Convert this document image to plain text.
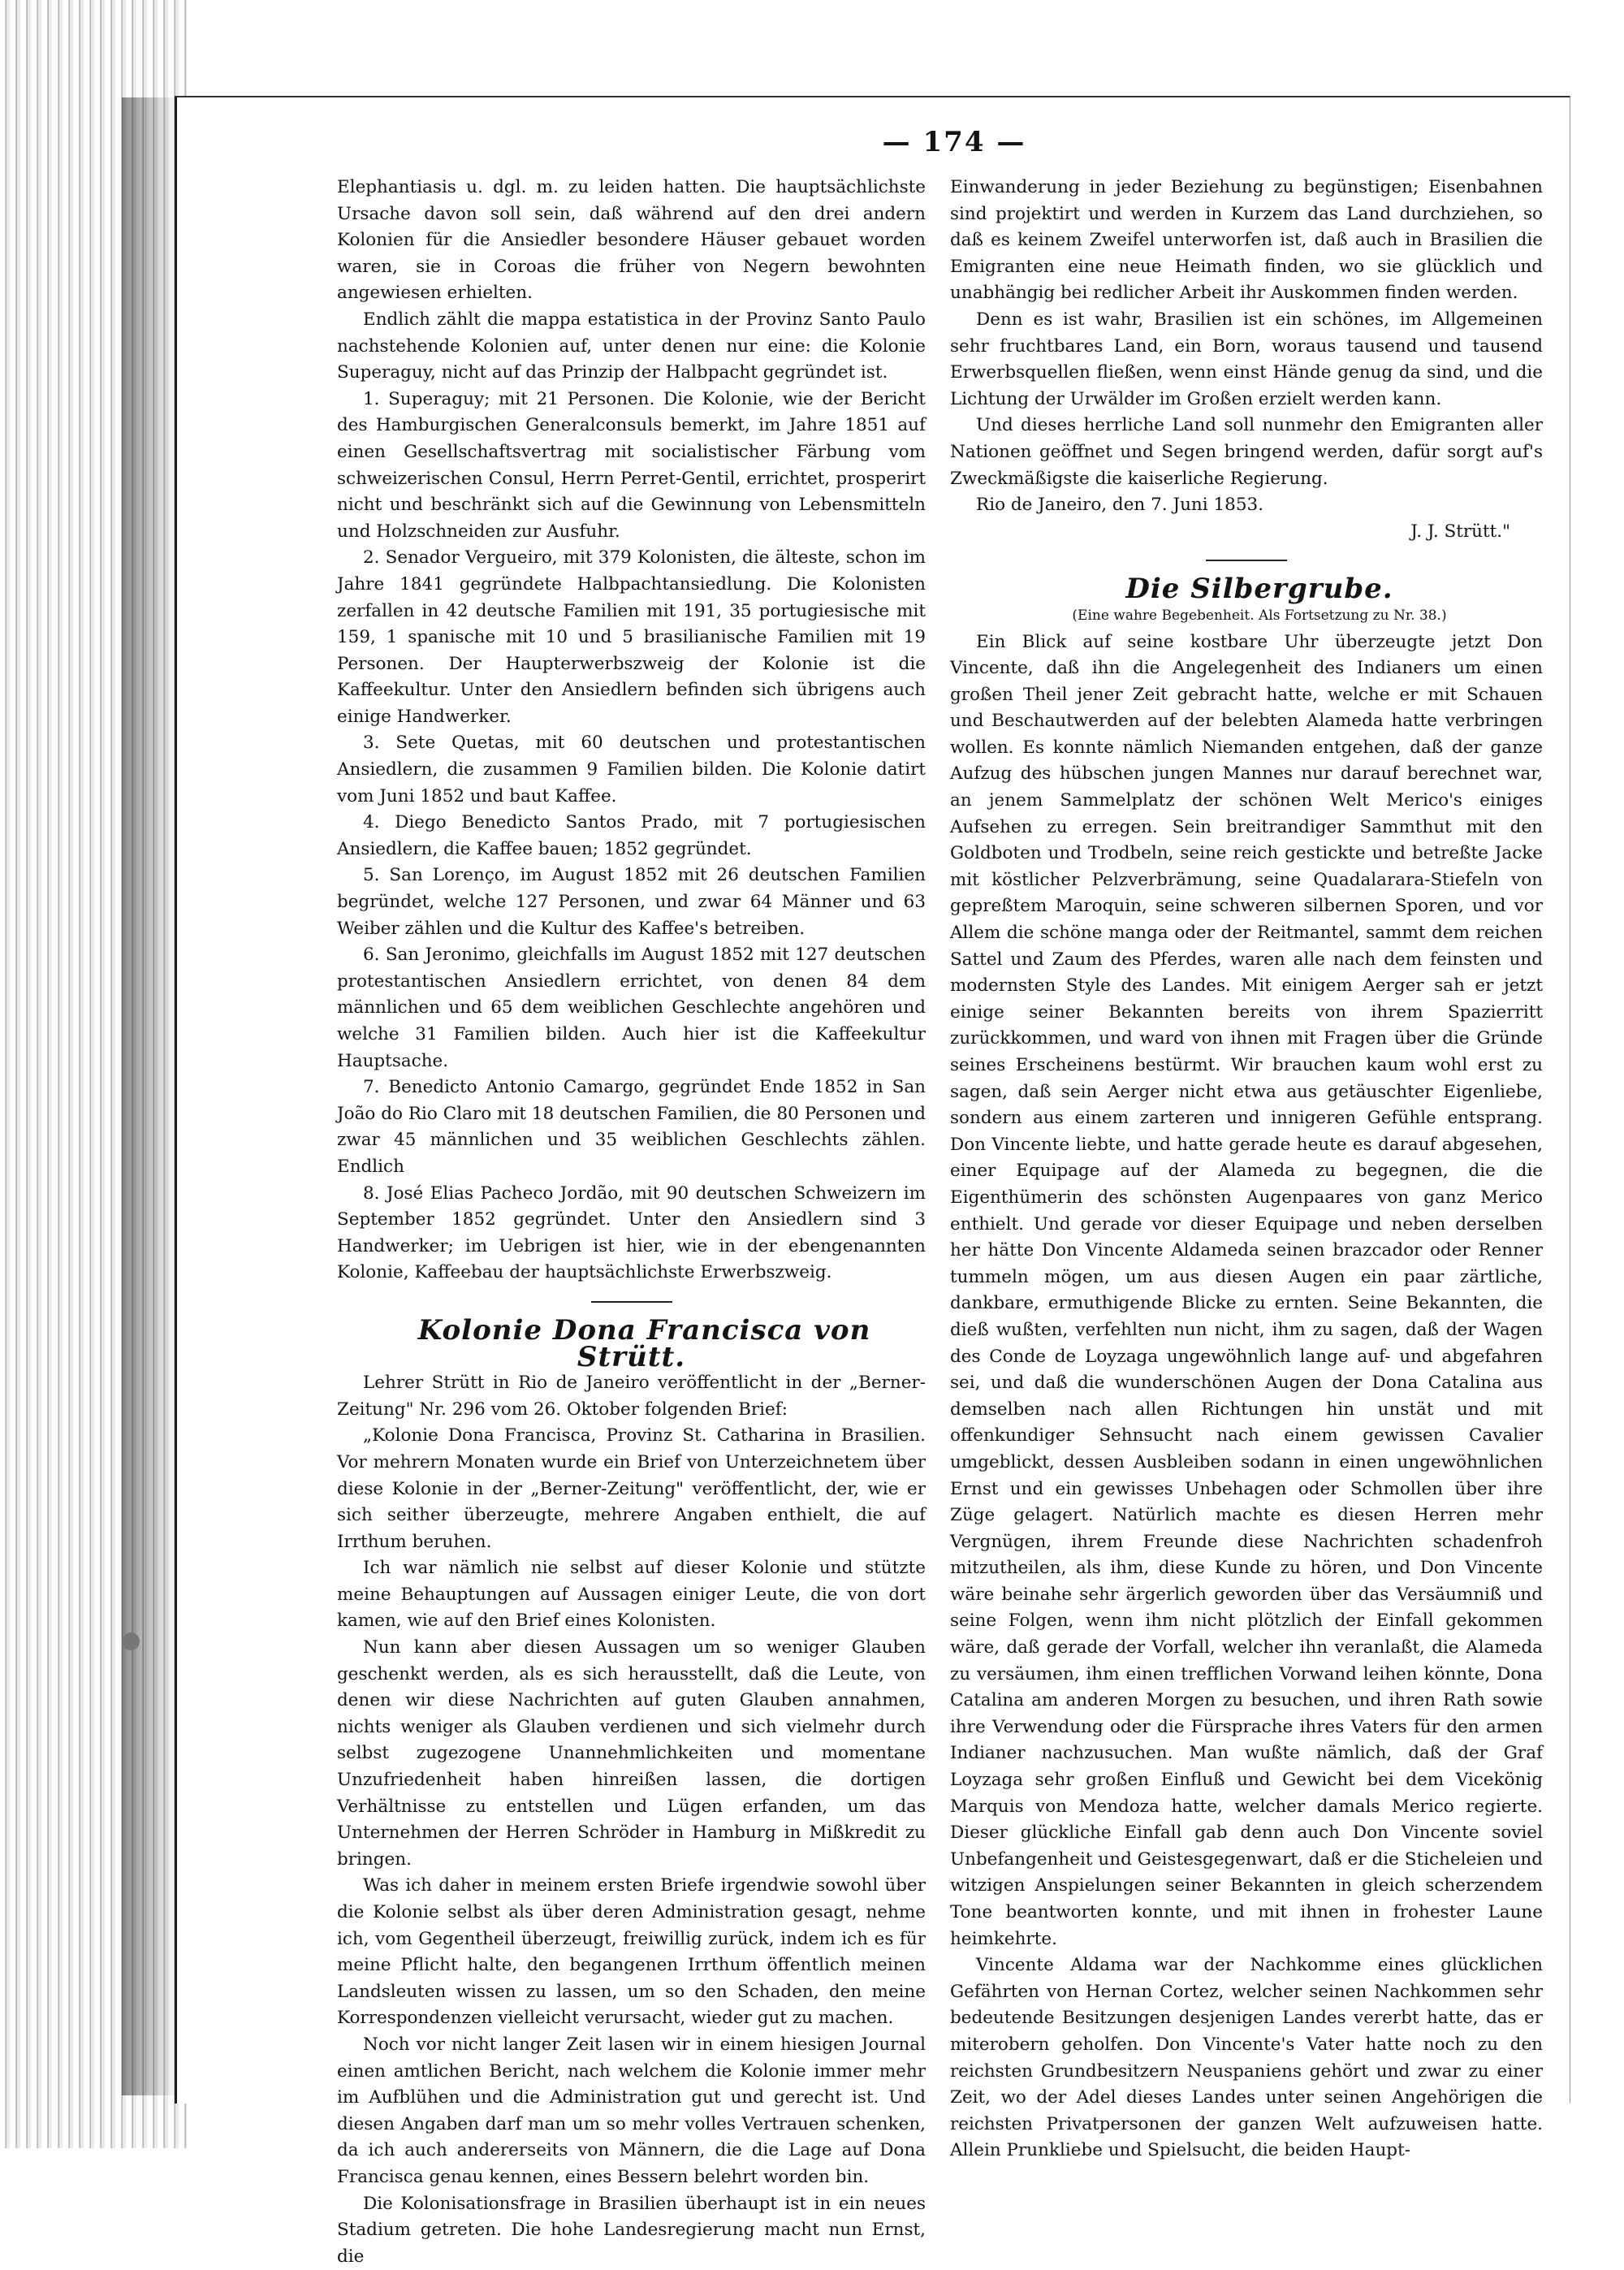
— 174 —

Elephantiasis u. dgl. m. zu leiden hatten. Die hauptsächlichste Ursache davon soll sein, daß während auf den drei andern Kolonien für die Ansiedler besondere Häuser gebauet worden waren, sie in Coroas die früher von Negern bewohnten angewiesen erhielten.

Endlich zählt die mappa estatistica in der Provinz Santo Paulo nachstehende Kolonien auf, unter denen nur eine: die Kolonie Superaguy, nicht auf das Prinzip der Halbpacht gegründet ist.

1. Superaguy; mit 21 Personen. Die Kolonie, wie der Bericht des Hamburgischen Generalconsuls bemerkt, im Jahre 1851 auf einen Gesellschaftsvertrag mit socialistischer Färbung vom schweizerischen Consul, Herrn Perret-Gentil, errichtet, prosperirt nicht und beschränkt sich auf die Gewinnung von Lebensmitteln und Holzschneiden zur Ausfuhr.

2. Senador Vergueiro, mit 379 Kolonisten, die älteste, schon im Jahre 1841 gegründete Halbpachtansiedlung. Die Kolonisten zerfallen in 42 deutsche Familien mit 191, 35 portugiesische mit 159, 1 spanische mit 10 und 5 brasilianische Familien mit 19 Personen. Der Haupterwerbszweig der Kolonie ist die Kaffeekultur. Unter den Ansiedlern befinden sich übrigens auch einige Handwerker.

3. Sete Quetas, mit 60 deutschen und protestantischen Ansiedlern, die zusammen 9 Familien bilden. Die Kolonie datirt vom Juni 1852 und baut Kaffee.

4. Diego Benedicto Santos Prado, mit 7 portugiesischen Ansiedlern, die Kaffee bauen; 1852 gegründet.

5. San Lorenço, im August 1852 mit 26 deutschen Familien begründet, welche 127 Personen, und zwar 64 Männer und 63 Weiber zählen und die Kultur des Kaffee's betreiben.

6. San Jeronimo, gleichfalls im August 1852 mit 127 deutschen protestantischen Ansiedlern errichtet, von denen 84 dem männlichen und 65 dem weiblichen Geschlechte angehören und welche 31 Familien bilden. Auch hier ist die Kaffeekultur Hauptsache.

7. Benedicto Antonio Camargo, gegründet Ende 1852 in San João do Rio Claro mit 18 deutschen Familien, die 80 Personen und zwar 45 männlichen und 35 weiblichen Geschlechts zählen. Endlich

8. José Elias Pacheco Jordão, mit 90 deutschen Schweizern im September 1852 gegründet. Unter den Ansiedlern sind 3 Handwerker; im Uebrigen ist hier, wie in der ebengenannten Kolonie, Kaffeebau der hauptsächlichste Erwerbszweig.

Kolonie Dona Francisca von Strütt.

Lehrer Strütt in Rio de Janeiro veröffentlicht in der „Berner-Zeitung" Nr. 296 vom 26. Oktober folgenden Brief:

„Kolonie Dona Francisca, Provinz St. Catharina in Brasilien. Vor mehrern Monaten wurde ein Brief von Unterzeichnetem über diese Kolonie in der „Berner-Zeitung" veröffentlicht, der, wie er sich seither überzeugte, mehrere Angaben enthielt, die auf Irrthum beruhen.

Ich war nämlich nie selbst auf dieser Kolonie und stützte meine Behauptungen auf Aussagen einiger Leute, die von dort kamen, wie auf den Brief eines Kolonisten.

Nun kann aber diesen Aussagen um so weniger Glauben geschenkt werden, als es sich herausstellt, daß die Leute, von denen wir diese Nachrichten auf guten Glauben annahmen, nichts weniger als Glauben verdienen und sich vielmehr durch selbst zugezogene Unannehmlichkeiten und momentane Unzufriedenheit haben hinreißen lassen, die dortigen Verhältnisse zu entstellen und Lügen erfanden, um das Unternehmen der Herren Schröder in Hamburg in Mißkredit zu bringen.

Was ich daher in meinem ersten Briefe irgendwie sowohl über die Kolonie selbst als über deren Administration gesagt, nehme ich, vom Gegentheil überzeugt, freiwillig zurück, indem ich es für meine Pflicht halte, den begangenen Irrthum öffentlich meinen Landsleuten wissen zu lassen, um so den Schaden, den meine Korrespondenzen vielleicht verursacht, wieder gut zu machen.

Noch vor nicht langer Zeit lasen wir in einem hiesigen Journal einen amtlichen Bericht, nach welchem die Kolonie immer mehr im Aufblühen und die Administration gut und gerecht ist. Und diesen Angaben darf man um so mehr volles Vertrauen schenken, da ich auch andererseits von Männern, die die Lage auf Dona Francisca genau kennen, eines Bessern belehrt worden bin.

Die Kolonisationsfrage in Brasilien überhaupt ist in ein neues Stadium getreten. Die hohe Landesregierung macht nun Ernst, die

Einwanderung in jeder Beziehung zu begünstigen; Eisenbahnen sind projektirt und werden in Kurzem das Land durchziehen, so daß es keinem Zweifel unterworfen ist, daß auch in Brasilien die Emigranten eine neue Heimath finden, wo sie glücklich und unabhängig bei redlicher Arbeit ihr Auskommen finden werden.

Denn es ist wahr, Brasilien ist ein schönes, im Allgemeinen sehr fruchtbares Land, ein Born, woraus tausend und tausend Erwerbsquellen fließen, wenn einst Hände genug da sind, und die Lichtung der Urwälder im Großen erzielt werden kann.

Und dieses herrliche Land soll nunmehr den Emigranten aller Nationen geöffnet und Segen bringend werden, dafür sorgt auf's Zweckmäßigste die kaiserliche Regierung.

Rio de Janeiro, den 7. Juni 1853.

J. J. Strütt."

Die Silbergrube.

(Eine wahre Begebenheit. Als Fortsetzung zu Nr. 38.)

Ein Blick auf seine kostbare Uhr überzeugte jetzt Don Vincente, daß ihn die Angelegenheit des Indianers um einen großen Theil jener Zeit gebracht hatte, welche er mit Schauen und Beschautwerden auf der belebten Alameda hatte verbringen wollen. Es konnte nämlich Niemanden entgehen, daß der ganze Aufzug des hübschen jungen Mannes nur darauf berechnet war, an jenem Sammelplatz der schönen Welt Merico's einiges Aufsehen zu erregen. Sein breitrandiger Sammthut mit den Goldboten und Trodbeln, seine reich gestickte und betreßte Jacke mit köstlicher Pelzverbrämung, seine Quadalarara-Stiefeln von gepreßtem Maroquin, seine schweren silbernen Sporen, und vor Allem die schöne manga oder der Reitmantel, sammt dem reichen Sattel und Zaum des Pferdes, waren alle nach dem feinsten und modernsten Style des Landes. Mit einigem Aerger sah er jetzt einige seiner Bekannten bereits von ihrem Spazierritt zurückkommen, und ward von ihnen mit Fragen über die Gründe seines Erscheinens bestürmt. Wir brauchen kaum wohl erst zu sagen, daß sein Aerger nicht etwa aus getäuschter Eigenliebe, sondern aus einem zarteren und innigeren Gefühle entsprang. Don Vincente liebte, und hatte gerade heute es darauf abgesehen, einer Equipage auf der Alameda zu begegnen, die die Eigenthümerin des schönsten Augenpaares von ganz Merico enthielt. Und gerade vor dieser Equipage und neben derselben her hätte Don Vincente Aldameda seinen brazcador oder Renner tummeln mögen, um aus diesen Augen ein paar zärtliche, dankbare, ermuthigende Blicke zu ernten. Seine Bekannten, die dieß wußten, verfehlten nun nicht, ihm zu sagen, daß der Wagen des Conde de Loyzaga ungewöhnlich lange auf- und abgefahren sei, und daß die wunderschönen Augen der Dona Catalina aus demselben nach allen Richtungen hin unstät und mit offenkundiger Sehnsucht nach einem gewissen Cavalier umgeblickt, dessen Ausbleiben sodann in einen ungewöhnlichen Ernst und ein gewisses Unbehagen oder Schmollen über ihre Züge gelagert. Natürlich machte es diesen Herren mehr Vergnügen, ihrem Freunde diese Nachrichten schadenfroh mitzutheilen, als ihm, diese Kunde zu hören, und Don Vincente wäre beinahe sehr ärgerlich geworden über das Versäumniß und seine Folgen, wenn ihm nicht plötzlich der Einfall gekommen wäre, daß gerade der Vorfall, welcher ihn veranlaßt, die Alameda zu versäumen, ihm einen trefflichen Vorwand leihen könnte, Dona Catalina am anderen Morgen zu besuchen, und ihren Rath sowie ihre Verwendung oder die Fürsprache ihres Vaters für den armen Indianer nachzusuchen. Man wußte nämlich, daß der Graf Loyzaga sehr großen Einfluß und Gewicht bei dem Vicekönig Marquis von Mendoza hatte, welcher damals Merico regierte. Dieser glückliche Einfall gab denn auch Don Vincente soviel Unbefangenheit und Geistesgegenwart, daß er die Sticheleien und witzigen Anspielungen seiner Bekannten in gleich scherzendem Tone beantworten konnte, und mit ihnen in frohester Laune heimkehrte.

Vincente Aldama war der Nachkomme eines glücklichen Gefährten von Hernan Cortez, welcher seinen Nachkommen sehr bedeutende Besitzungen desjenigen Landes vererbt hatte, das er miterobern geholfen. Don Vincente's Vater hatte noch zu den reichsten Grundbesitzern Neuspaniens gehört und zwar zu einer Zeit, wo der Adel dieses Landes unter seinen Angehörigen die reichsten Privatpersonen der ganzen Welt aufzuweisen hatte. Allein Prunkliebe und Spielsucht, die beiden Haupt-
